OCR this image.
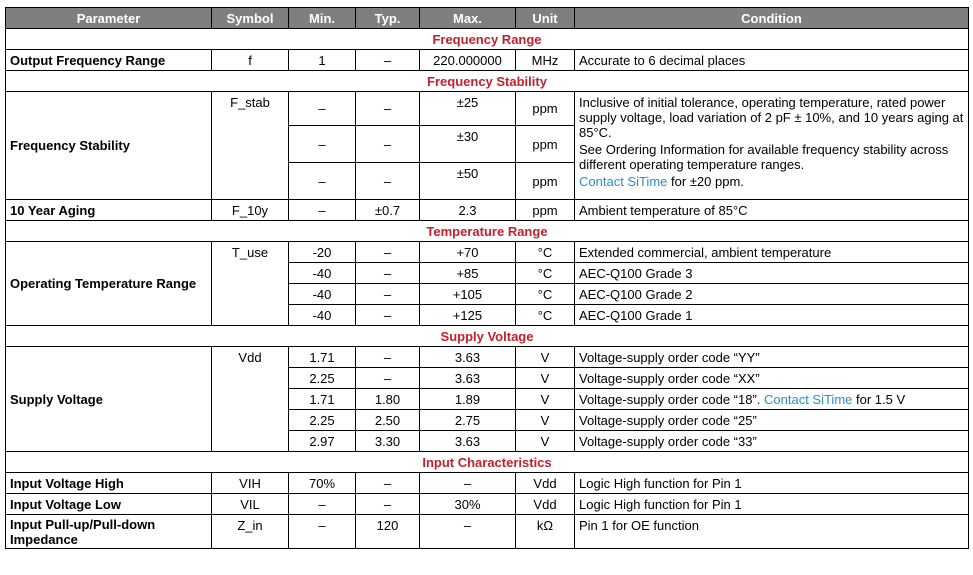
Parameter	Symbol	Min.	Typ.	Max.	Unit	Condition
Frequency Range						
Output Frequency Range	f	1	–	220.000000	MHz	Accurate to 6 decimal places
Frequency Stability						
Frequency Stability	F_stab	–	–	±25	ppm	Inclusive of initial tolerance, operating temperature, rated power supply voltage, load variation of 2 pF ± 10%, and 10 years aging at 85°C.
See Ordering Information for available frequency stability across different operating temperature ranges.
Contact SiTime for ±20 ppm.

		–	–	±30	ppm	
		–	–	±50	ppm	
10 Year Aging	F_10y	–	±0.7	2.3	ppm	Ambient temperature of 85°C
Temperature Range						
Operating Temperature Range	T_use	-20	–	+70	°C	Extended commercial, ambient temperature
		-40	–	+85	°C	AEC-Q100 Grade 3
		-40	–	+105	°C	AEC-Q100 Grade 2
		-40	–	+125	°C	AEC-Q100 Grade 1
Supply Voltage						
Supply Voltage	Vdd	1.71	–	3.63	V	Voltage-supply order code “YY”
		2.25	–	3.63	V	Voltage-supply order code “XX”
		1.71	1.80	1.89	V	Voltage-supply order code “18”. Contact SiTime for 1.5 V
		2.25	2.50	2.75	V	Voltage-supply order code “25”
		2.97	3.30	3.63	V	Voltage-supply order code “33”
Input Characteristics						
Input Voltage High	VIH	70%	–	–	Vdd	Logic High function for Pin 1
Input Voltage Low	VIL	–	–	30%	Vdd	Logic High function for Pin 1
Input Pull-up/Pull-down Impedance	Z_in	–	120	–	kΩ	Pin 1 for OE function
